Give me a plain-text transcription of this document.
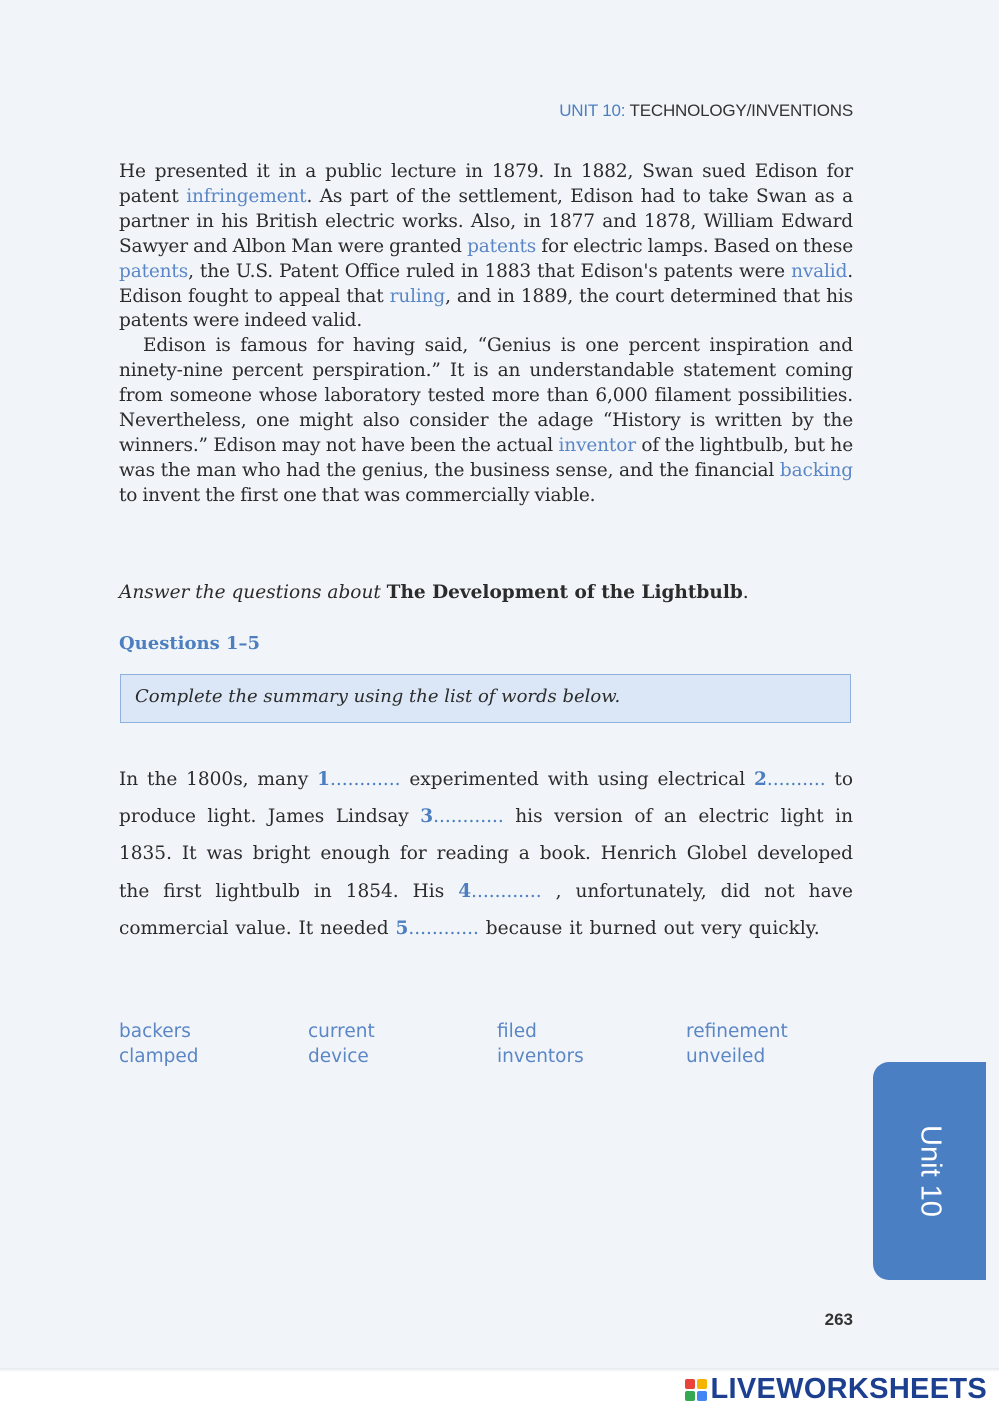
UNIT 10: TECHNOLOGY/INVENTIONS

He presented it in a public lecture in 1879. In 1882, Swan sued Edison for patent infringement. As part of the settlement, Edison had to take Swan as a partner in his British electric works. Also, in 1877 and 1878, William Edward Sawyer and Albon Man were granted patents for electric lamps. Based on these patents, the U.S. Patent Office ruled in 1883 that Edison's patents were nvalid. Edison fought to appeal that ruling, and in 1889, the court determined that his patents were indeed valid.

Edison is famous for having said, “Genius is one percent inspiration and ninety-nine percent perspiration.” It is an understandable statement coming from someone whose laboratory tested more than 6,000 filament possibilities. Nevertheless, one might also consider the adage “History is written by the winners.” Edison may not have been the actual inventor of the lightbulb, but he was the man who had the genius, the business sense, and the financial backing to invent the first one that was commercially viable.

Answer the questions about The Development of the Lightbulb.
Questions 1–5
Complete the summary using the list of words below.
In the 1800s, many 1............ experimented with using electrical 2.......... to produce light. James Lindsay 3............ his version of an electric light in 1835. It was bright enough for reading a book. Henrich Globel developed the first lightbulb in 1854. His 4............ , unfortunately, did not have commercial value. It needed 5............ because it burned out very quickly.
backers	current	filed	refinement
clamped	device	inventors	unveiled
Unit 10
263
LIVEWORKSHEETS
